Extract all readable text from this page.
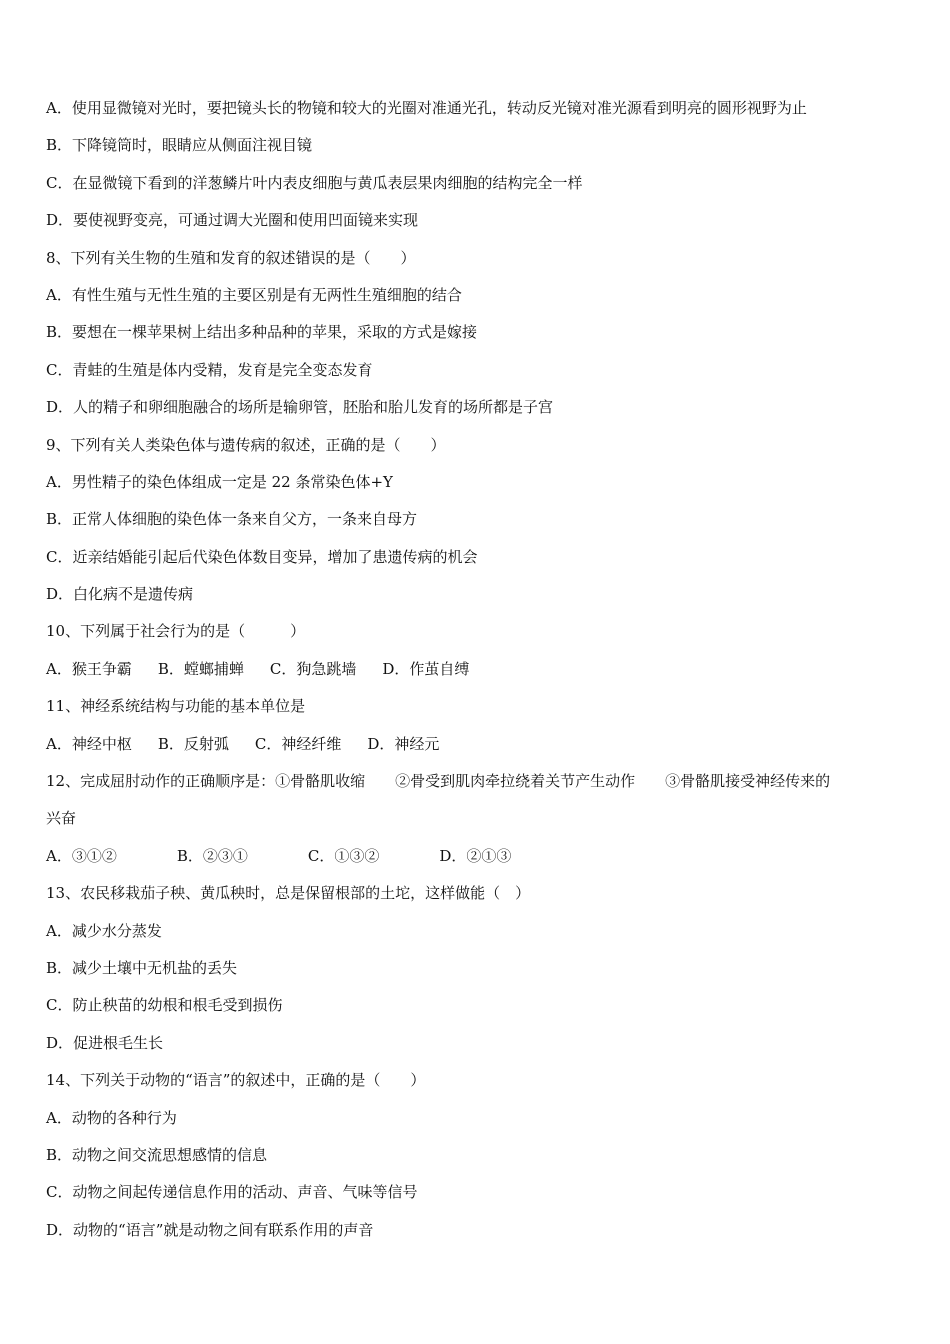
A．使用显微镜对光时，要把镜头长的物镜和较大的光圈对准通光孔，转动反光镜对准光源看到明亮的圆形视野为止
B．下降镜筒时，眼睛应从侧面注视目镜
C．在显微镜下看到的洋葱鳞片叶内表皮细胞与黄瓜表层果肉细胞的结构完全一样
D．要使视野变亮，可通过调大光圈和使用凹面镜来实现
8、下列有关生物的生殖和发育的叙述错误的是（　　）
A．有性生殖与无性生殖的主要区别是有无两性生殖细胞的结合
B．要想在一棵苹果树上结出多种品种的苹果，采取的方式是嫁接
C．青蛙的生殖是体内受精，发育是完全变态发育
D．人的精子和卵细胞融合的场所是输卵管，胚胎和胎儿发育的场所都是子宫
9、下列有关人类染色体与遗传病的叙述，正确的是（　　）
A．男性精子的染色体组成一定是 22 条常染色体+Y
B．正常人体细胞的染色体一条来自父方，一条来自母方
C．近亲结婚能引起后代染色体数目变异，增加了患遗传病的机会
D．白化病不是遗传病
10、下列属于社会行为的是（　　　）
A．猴王争霸 B．螳螂捕蝉 C．狗急跳墙 D．作茧自缚
11、神经系统结构与功能的基本单位是
A．神经中枢 B．反射弧 C．神经纤维 D．神经元
12、完成屈肘动作的正确顺序是：①骨骼肌收缩　　②骨受到肌肉牵拉绕着关节产生动作　　③骨骼肌接受神经传来的
兴奋
A．③①②	B．②③①	C．①③②	D．②①③
13、农民移栽茄子秧、黄瓜秧时，总是保留根部的土坨，这样做能（　）
A．减少水分蒸发
B．减少土壤中无机盐的丢失
C．防止秧苗的幼根和根毛受到损伤
D．促进根毛生长
14、下列关于动物的“语言”的叙述中，正确的是（　　）
A．动物的各种行为
B．动物之间交流思想感情的信息
C．动物之间起传递信息作用的活动、声音、气味等信号
D．动物的“语言”就是动物之间有联系作用的声音
